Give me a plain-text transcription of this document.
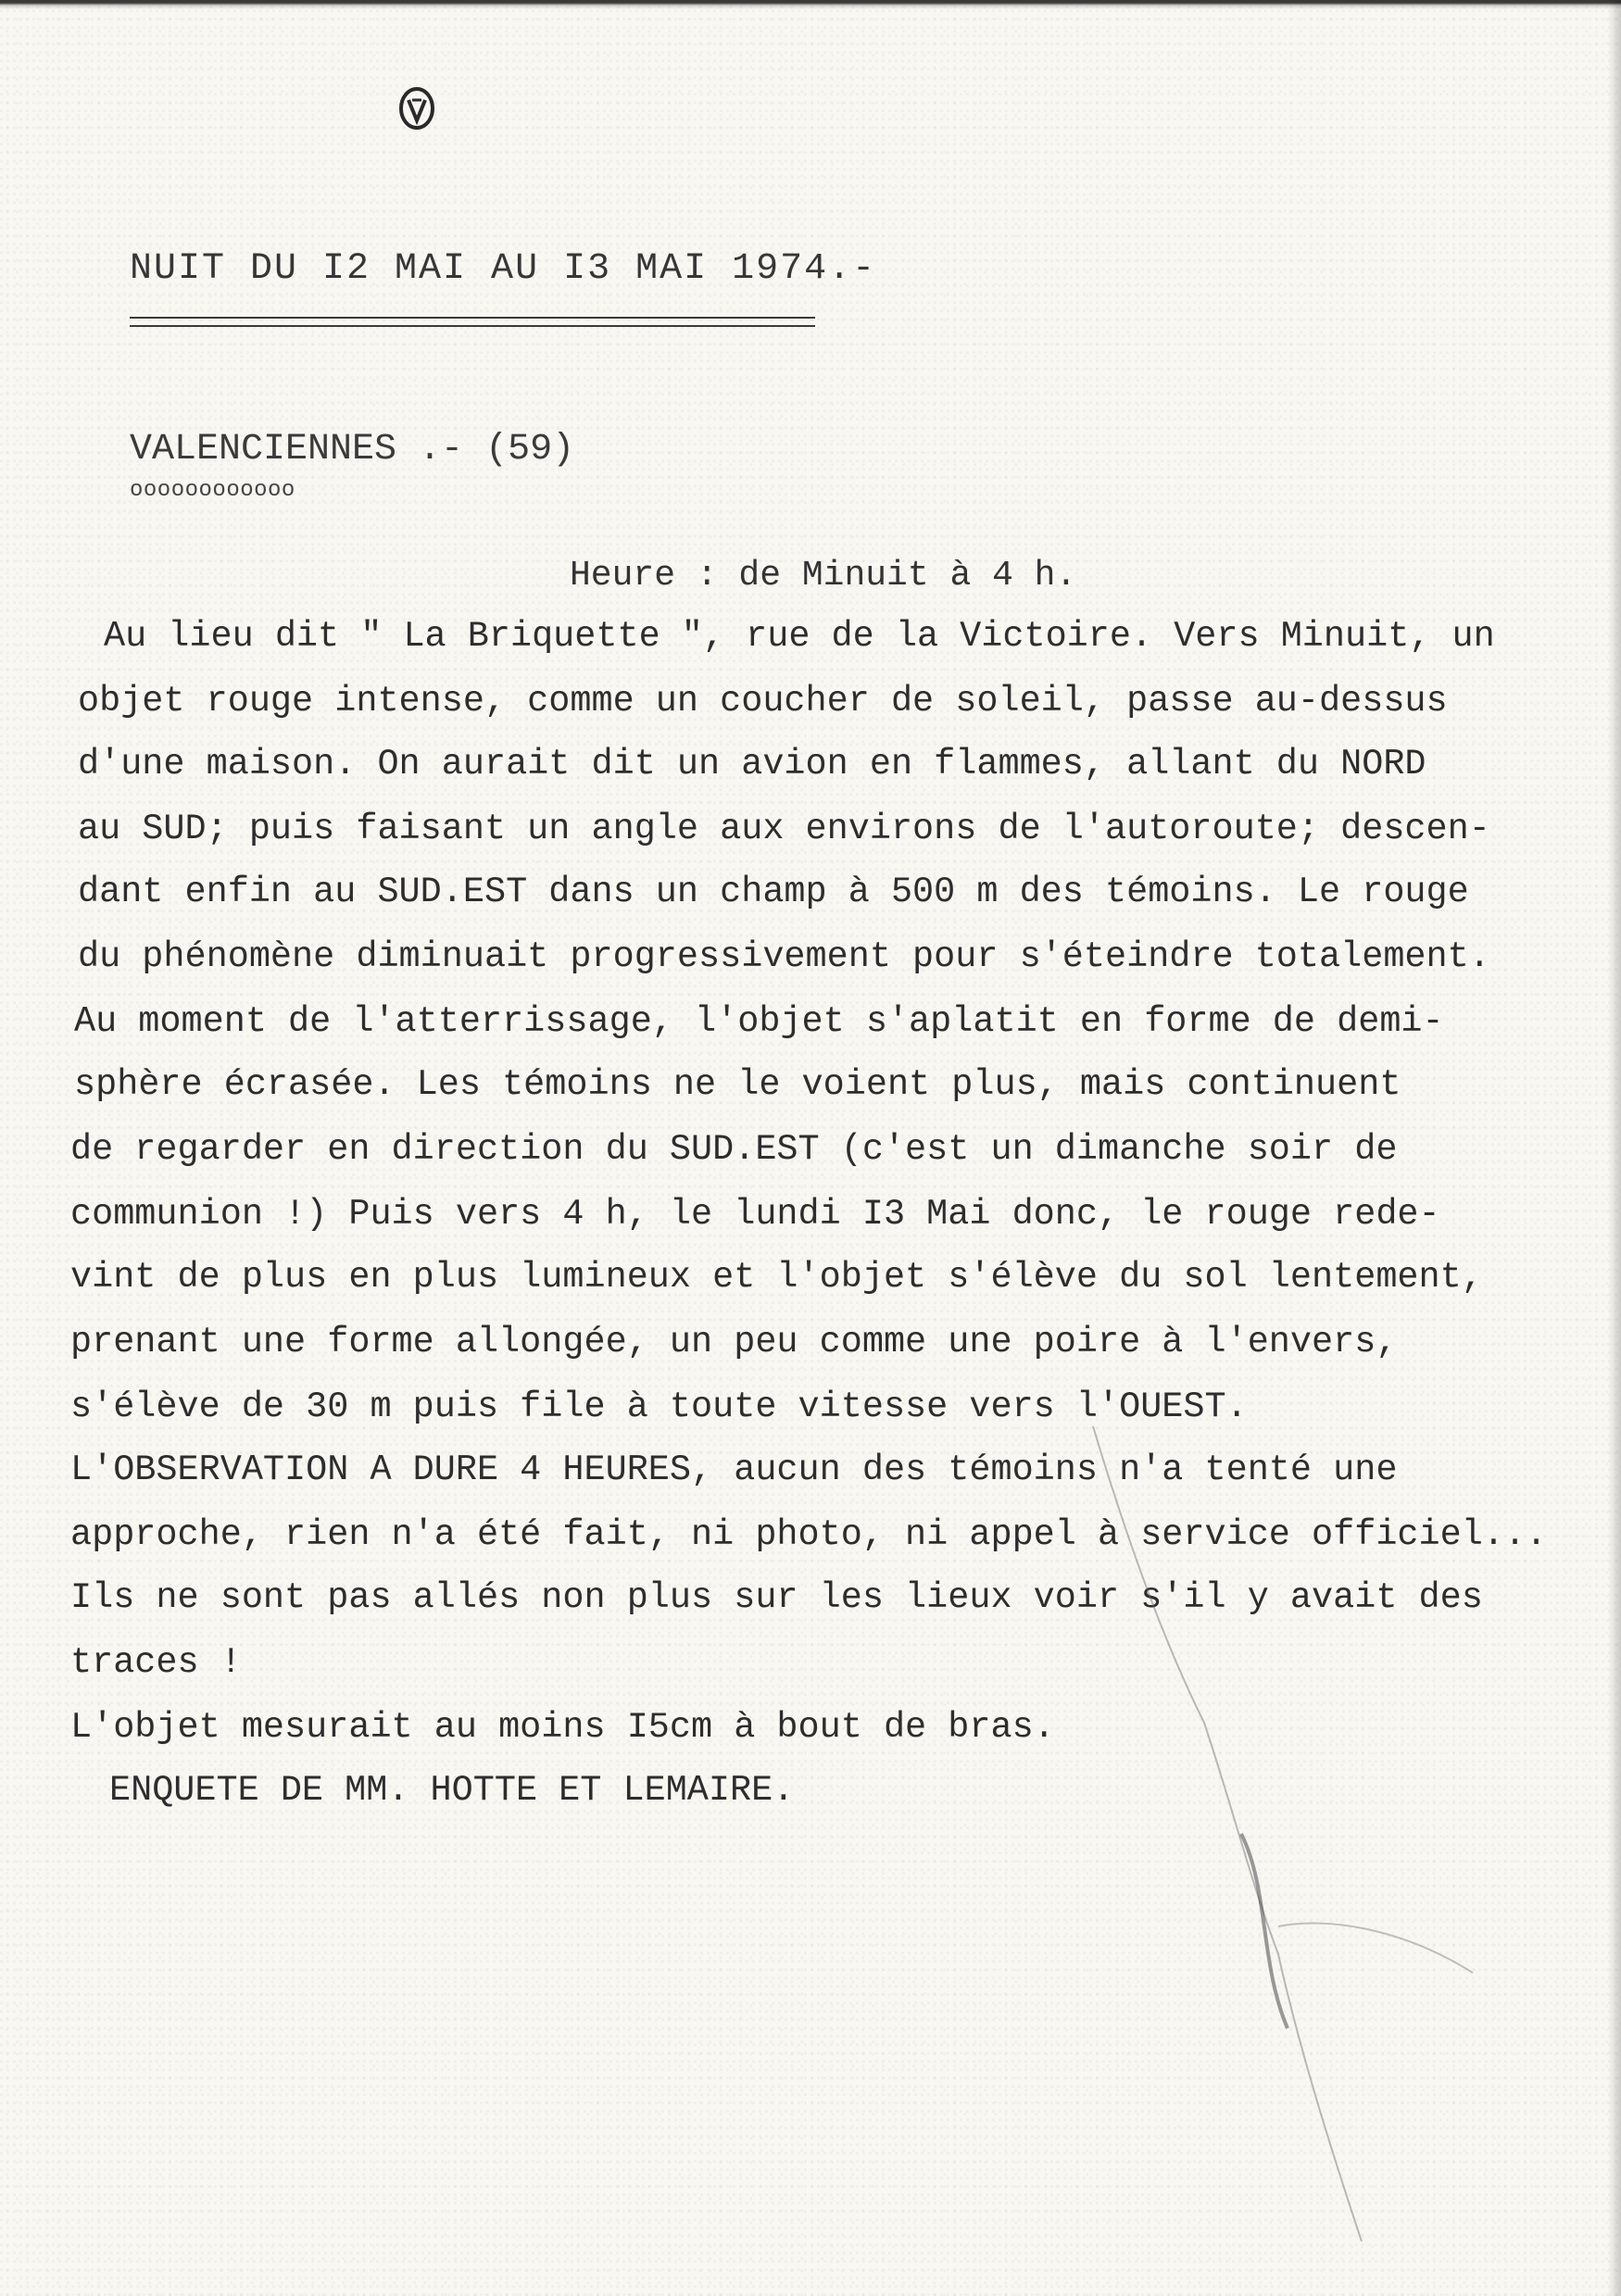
NUIT DU I2 MAI AU I3 MAI 1974.-
VALENCIENNES .- (59)
oooooooooooo
Heure : de Minuit à 4 h.
Au lieu dit " La Briquette ", rue de la Victoire. Vers Minuit, un
objet rouge intense, comme un coucher de soleil, passe au-dessus
d'une maison. On aurait dit un avion en flammes, allant du NORD
au SUD; puis faisant un angle aux environs de l'autoroute; descen-
dant enfin au SUD.EST dans un champ à 500 m des témoins. Le rouge
du phénomène diminuait progressivement pour s'éteindre totalement.
Au moment de l'atterrissage, l'objet s'aplatit en forme de demi-
sphère écrasée. Les témoins ne le voient plus, mais continuent
de regarder en direction du SUD.EST (c'est un dimanche soir de
communion !) Puis vers 4 h, le lundi I3 Mai donc, le rouge rede-
vint de plus en plus lumineux et l'objet s'élève du sol lentement,
prenant une forme allongée, un peu comme une poire à l'envers,
s'élève de 30 m puis file à toute vitesse vers l'OUEST.
L'OBSERVATION A DURE 4 HEURES, aucun des témoins n'a tenté une
approche, rien n'a été fait, ni photo, ni appel à service officiel...
Ils ne sont pas allés non plus sur les lieux voir s'il y avait des
traces !
L'objet mesurait au moins I5cm à bout de bras.
ENQUETE DE MM. HOTTE ET LEMAIRE.
